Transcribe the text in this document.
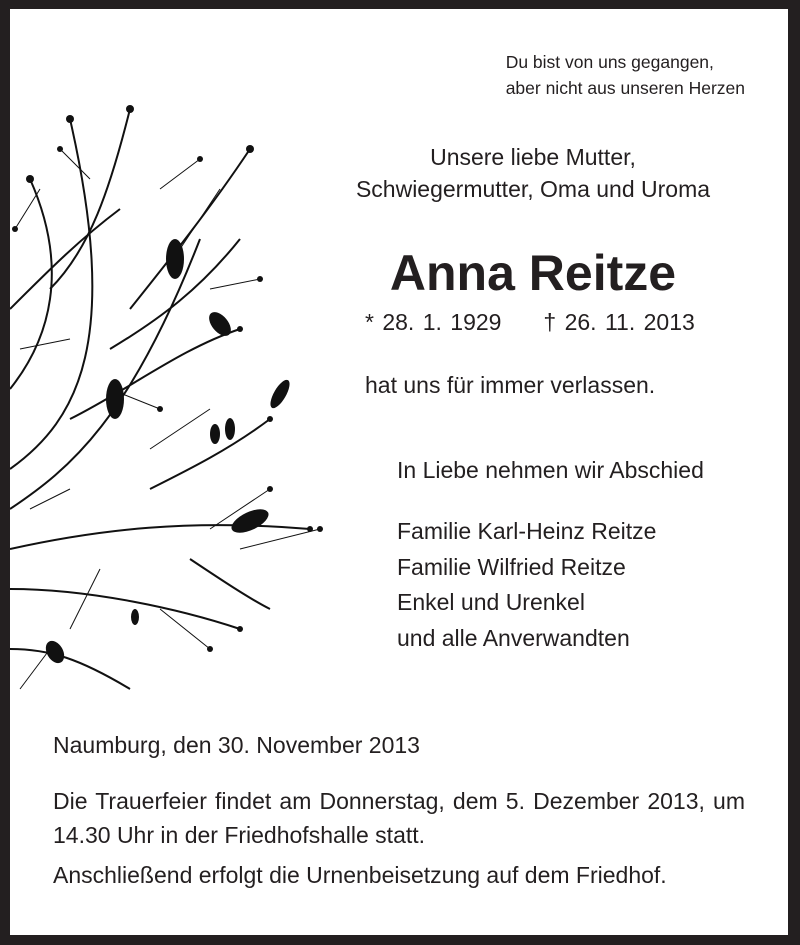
Du bist von uns gegangen,
aber nicht aus unseren Herzen
Unsere liebe Mutter,
Schwiegermutter, Oma und Uroma
Anna Reitze
* 28. 1. 1929 † 26. 11. 2013
hat uns für immer verlassen.
In Liebe nehmen wir Abschied
Familie Karl-Heinz Reitze
Familie Wilfried Reitze
Enkel und Urenkel
und alle Anverwandten
Naumburg, den 30. November 2013
Die Trauerfeier findet am Donnerstag, dem 5. Dezember 2013, um 14.30 Uhr in der Friedhofshalle statt.
Anschließend erfolgt die Urnenbeisetzung auf dem Friedhof.
